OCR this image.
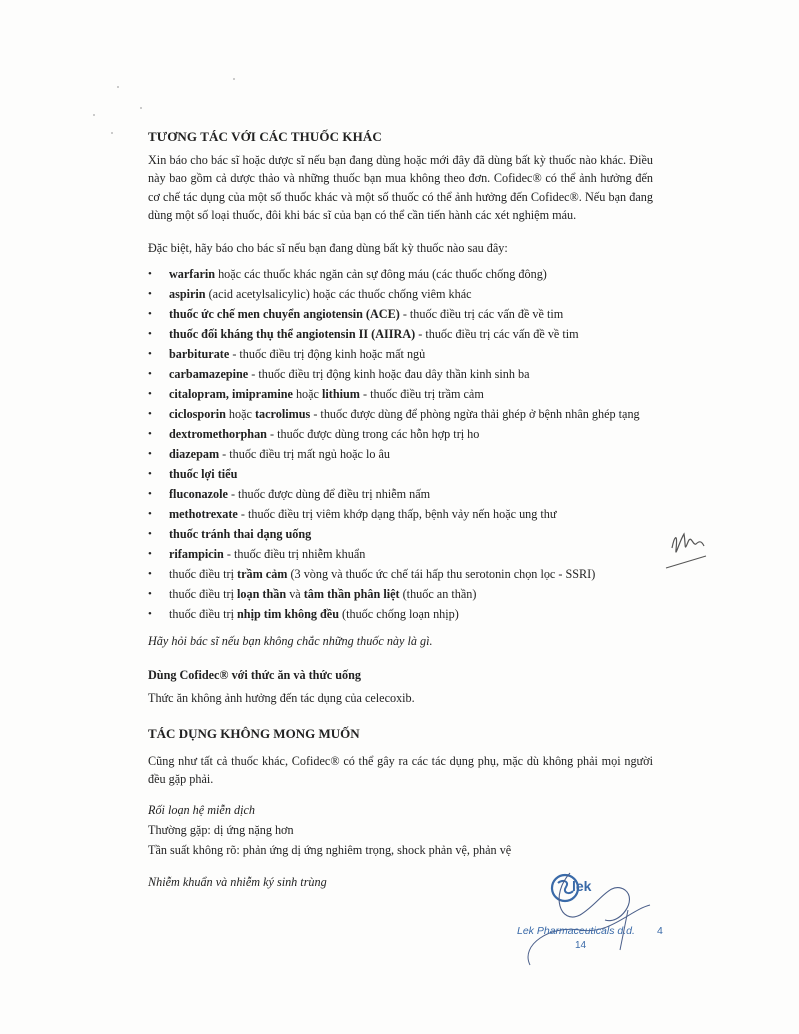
TƯƠNG TÁC VỚI CÁC THUỐC KHÁC

Xin báo cho bác sĩ hoặc dược sĩ nếu bạn đang dùng hoặc mới đây đã dùng bất kỳ thuốc nào khác. Điều này bao gồm cả dược thảo và những thuốc bạn mua không theo đơn. Cofidec® có thể ảnh hưởng đến cơ chế tác dụng của một số thuốc khác và một số thuốc có thể ảnh hưởng đến Cofidec®. Nếu bạn đang dùng một số loại thuốc, đôi khi bác sĩ của bạn có thể cần tiến hành các xét nghiệm máu.

Đặc biệt, hãy báo cho bác sĩ nếu bạn đang dùng bất kỳ thuốc nào sau đây:

• warfarin hoặc các thuốc khác ngăn cản sự đông máu (các thuốc chống đông)
• aspirin (acid acetylsalicylic) hoặc các thuốc chống viêm khác
• thuốc ức chế men chuyển angiotensin (ACE) - thuốc điều trị các vấn đề về tim
• thuốc đối kháng thụ thể angiotensin II (AIIRA) - thuốc điều trị các vấn đề về tim
• barbiturate - thuốc điều trị động kinh hoặc mất ngủ
• carbamazepine - thuốc điều trị động kinh hoặc đau dây thần kinh sinh ba
• citalopram, imipramine hoặc lithium - thuốc điều trị trầm cảm
• ciclosporin hoặc tacrolimus - thuốc được dùng để phòng ngừa thải ghép ở bệnh nhân ghép tạng
• dextromethorphan - thuốc được dùng trong các hỗn hợp trị ho
• diazepam - thuốc điều trị mất ngủ hoặc lo âu
• thuốc lợi tiểu
• fluconazole - thuốc được dùng để điều trị nhiễm nấm
• methotrexate - thuốc điều trị viêm khớp dạng thấp, bệnh vảy nến hoặc ung thư
• thuốc tránh thai dạng uống
• rifampicin - thuốc điều trị nhiễm khuẩn
• thuốc điều trị trầm cảm (3 vòng và thuốc ức chế tái hấp thu serotonin chọn lọc - SSRI)
• thuốc điều trị loạn thần và tâm thần phân liệt (thuốc an thần)
• thuốc điều trị nhịp tim không đều (thuốc chống loạn nhịp)

Hãy hỏi bác sĩ nếu bạn không chắc những thuốc này là gì.

Dùng Cofidec® với thức ăn và thức uống

Thức ăn không ảnh hưởng đến tác dụng của celecoxib.

TÁC DỤNG KHÔNG MONG MUỐN

Cũng như tất cả thuốc khác, Cofidec® có thể gây ra các tác dụng phụ, mặc dù không phải mọi người đều gặp phải.

Rối loạn hệ miễn dịch

Thường gặp: dị ứng nặng hơn

Tần suất không rõ: phản ứng dị ứng nghiêm trọng, shock phản vệ, phản vệ

Nhiễm khuẩn và nhiễm ký sinh trùng	lek
Lek Pharmaceuticals d.d. 4
14
